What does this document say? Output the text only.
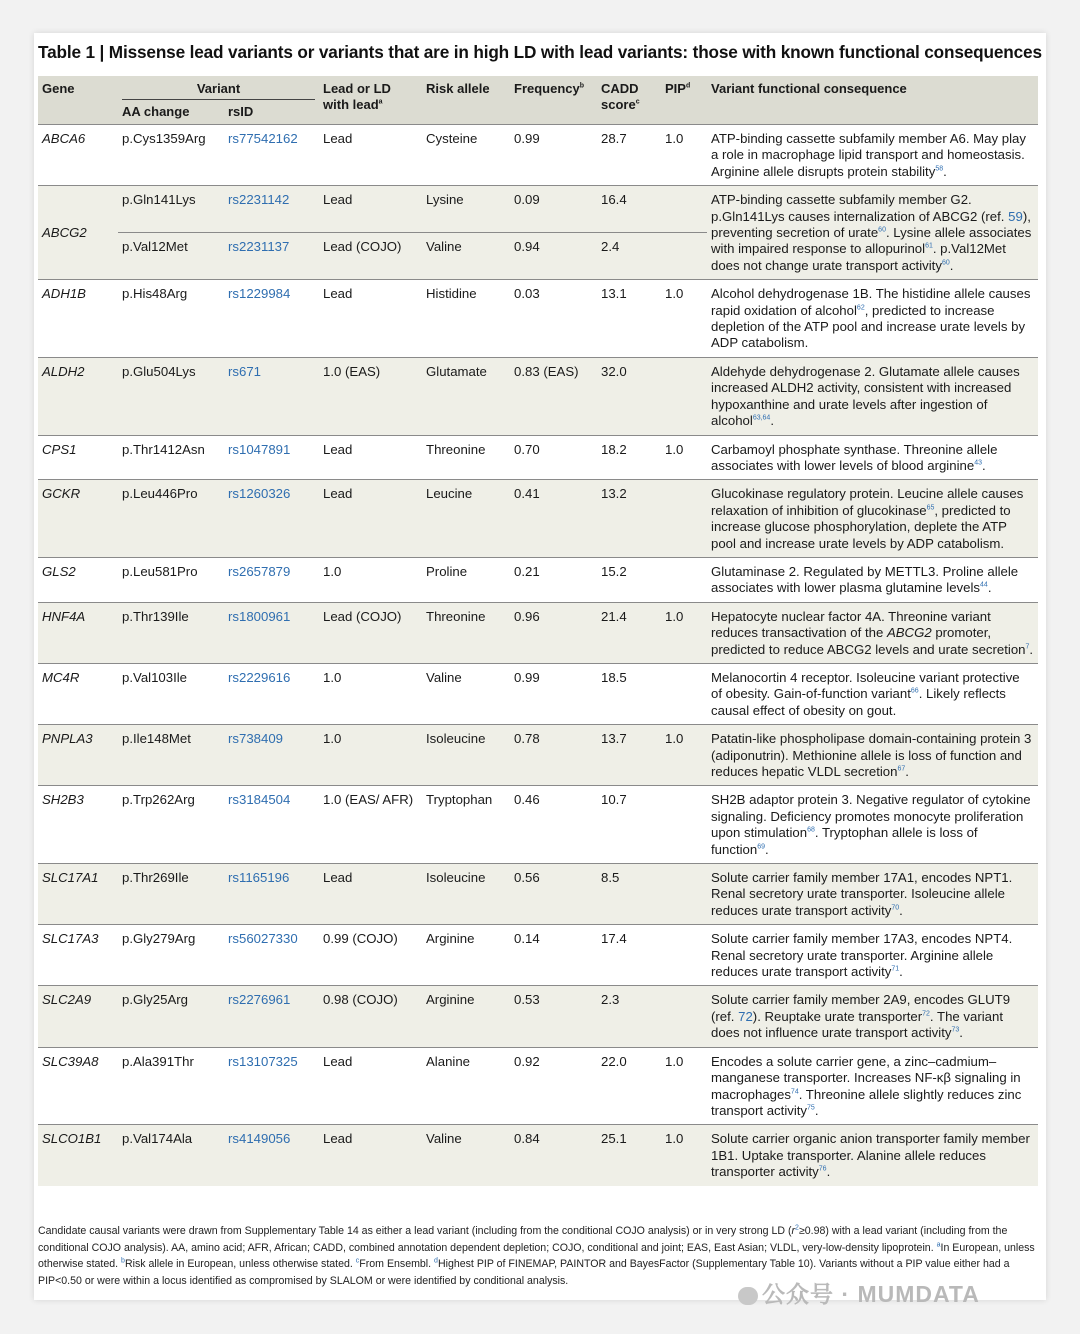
Table 1 | Missense lead variants or variants that are in high LD with lead variants: those with known functional consequences
Gene	Variant		Lead or LD with lead$^a$	Risk allele	Frequency$^b$	CADD score$^c$	PIP$^d$	Variant functional consequence
	AA change	rsID						
ABCA6	p.Cys1359Arg	rs77542162	Lead	Cysteine	0.99	28.7	1.0	ATP-binding cassette subfamily member A6. May play a role in macrophage lipid transport and homeostasis. Arginine allele disrupts protein stability$^{58}$.
ABCG2	p.Gln141Lys	rs2231142	Lead	Lysine	0.09	16.4		ATP-binding cassette subfamily member G2. p.Gln141Lys causes internalization of ABCG2 (ref. 59), preventing secretion of urate$^{60}$. Lysine allele associates with impaired response to allopurinol$^{61}$. p.Val12Met does not change urate transport activity$^{60}$.
	p.Val12Met	rs2231137	Lead (COJO)	Valine	0.94	2.4		
ADH1B	p.His48Arg	rs1229984	Lead	Histidine	0.03	13.1	1.0	Alcohol dehydrogenase 1B. The histidine allele causes rapid oxidation of alcohol$^{62}$, predicted to increase depletion of the ATP pool and increase urate levels by ADP catabolism.
ALDH2	p.Glu504Lys	rs671	1.0 (EAS)	Glutamate	0.83 (EAS)	32.0		Aldehyde dehydrogenase 2. Glutamate allele causes increased ALDH2 activity, consistent with increased hypoxanthine and urate levels after ingestion of alcohol$^{63,64}$.
CPS1	p.Thr1412Asn	rs1047891	Lead	Threonine	0.70	18.2	1.0	Carbamoyl phosphate synthase. Threonine allele associates with lower levels of blood arginine$^{43}$.
GCKR	p.Leu446Pro	rs1260326	Lead	Leucine	0.41	13.2		Glucokinase regulatory protein. Leucine allele causes relaxation of inhibition of glucokinase$^{65}$, predicted to increase glucose phosphorylation, deplete the ATP pool and increase urate levels by ADP catabolism.
GLS2	p.Leu581Pro	rs2657879	1.0	Proline	0.21	15.2		Glutaminase 2. Regulated by METTL3. Proline allele associates with lower plasma glutamine levels$^{44}$.
HNF4A	p.Thr139Ile	rs1800961	Lead (COJO)	Threonine	0.96	21.4	1.0	Hepatocyte nuclear factor 4A. Threonine variant reduces transactivation of the ABCG2 promoter, predicted to reduce ABCG2 levels and urate secretion$^7$.
MC4R	p.Val103Ile	rs2229616	1.0	Valine	0.99	18.5		Melanocortin 4 receptor. Isoleucine variant protective of obesity. Gain-of-function variant$^{66}$. Likely reflects causal effect of obesity on gout.
PNPLA3	p.Ile148Met	rs738409	1.0	Isoleucine	0.78	13.7	1.0	Patatin-like phospholipase domain-containing protein 3 (adiponutrin). Methionine allele is loss of function and reduces hepatic VLDL secretion$^{67}$.
SH2B3	p.Trp262Arg	rs3184504	1.0 (EAS/ AFR)	Tryptophan	0.46	10.7		SH2B adaptor protein 3. Negative regulator of cytokine signaling. Deficiency promotes monocyte proliferation upon stimulation$^{68}$. Tryptophan allele is loss of function$^{69}$.
SLC17A1	p.Thr269Ile	rs1165196	Lead	Isoleucine	0.56	8.5		Solute carrier family member 17A1, encodes NPT1. Renal secretory urate transporter. Isoleucine allele reduces urate transport activity$^{70}$.
SLC17A3	p.Gly279Arg	rs56027330	0.99 (COJO)	Arginine	0.14	17.4		Solute carrier family member 17A3, encodes NPT4. Renal secretory urate transporter. Arginine allele reduces urate transport activity$^{71}$.
SLC2A9	p.Gly25Arg	rs2276961	0.98 (COJO)	Arginine	0.53	2.3		Solute carrier family member 2A9, encodes GLUT9 (ref. 72). Reuptake urate transporter$^{72}$. The variant does not influence urate transport activity$^{73}$.
SLC39A8	p.Ala391Thr	rs13107325	Lead	Alanine	0.92	22.0	1.0	Encodes a solute carrier gene, a zinc–cadmium–manganese transporter. Increases NF-κβ signaling in macrophages$^{74}$. Threonine allele slightly reduces zinc transport activity$^{75}$.
SLCO1B1	p.Val174Ala	rs4149056	Lead	Valine	0.84	25.1	1.0	Solute carrier organic anion transporter family member 1B1. Uptake transporter. Alanine allele reduces transporter activity$^{76}$.
Candidate causal variants were drawn from Supplementary Table 14 as either a lead variant (including from the conditional COJO analysis) or in very strong LD (r$^2$≥0.98) with a lead variant (including from the conditional COJO analysis). AA, amino acid; AFR, African; CADD, combined annotation dependent depletion; COJO, conditional and joint; EAS, East Asian; VLDL, very-low-density lipoprotein. $^a$In European, unless otherwise stated. $^b$Risk allele in European, unless otherwise stated. $^c$From Ensembl. $^d$Highest PIP of FINEMAP, PAINTOR and BayesFactor (Supplementary Table 10). Variants without a PIP value either had a PIP<0.50 or were within a locus identified as compromised by SLALOM or were identified by conditional analysis.
公众号 · MUMDATA
